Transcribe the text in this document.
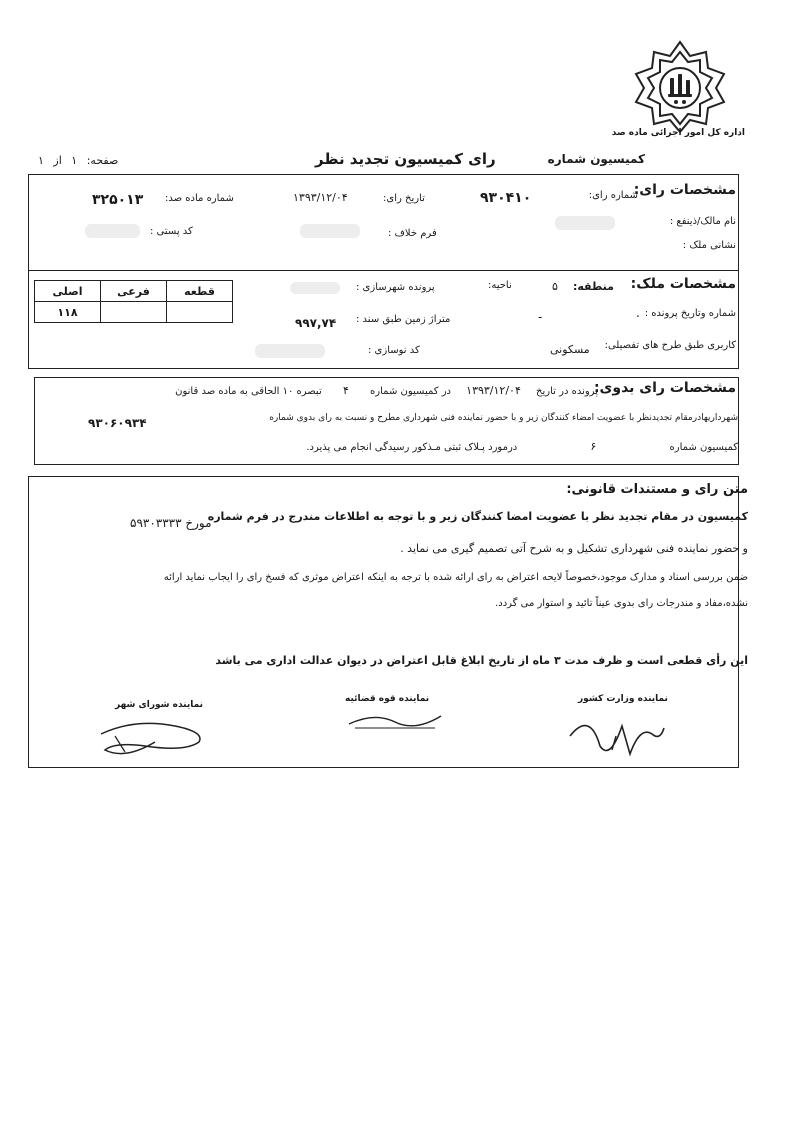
اداره کل امور اجرائی ماده صد
کمیسیون شماره
رای کمیسیون تجدید نظر
صفحه: ۱ از ۱
مشخصات رای:
شماره رای:
۹۳۰۴۱۰
تاریخ رای:
۱۳۹۳/۱۲/۰۴
شماره ماده صد:
۳۲۵۰۱۳
نام مالک/ذینفع :
فرم خلاف :
کد پستی :
نشانی ملک :
مشخصات ملک:
منطقه:
۵
ناحیه:
پرونده شهرسازی :
شماره وتاریخ پرونده :
.
-
متراژ زمین طبق سند :
۹۹۷,۷۴
کاربری طبق طرح های تفصیلی:
مسکونی
کد نوسازی :
قطعه	فرعی	اصلی
		۱۱۸
مشخصات رای بدوی:
پرونده در تاریخ ۱۳۹۳/۱۲/۰۴ در کمیسیون شماره ۴ تبصره ۱۰ الحاقی به ماده صد قانون
شهرداریهادرمقام تجدیدنظر با عضویت امضاء کنندگان زیر و با حضور نماینده فنی شهرداری مطرح و نسبت به رای بدوی شماره
۹۳۰۶۰۹۳۴
کمیسیون شماره ۶ درمورد پـلاک ثبتی مـذکور رسیدگی انجام می پذیرد.
متن رای و مستندات قانونی:
کمیسیون در مقام تجدید نظر با عضویت امضا کنندگان زیر و با توجه به اطلاعات مندرج در فرم شماره
۵۹۳۰۳۳۳۳ مورخ
و حضور نماینده فنی شهرداری تشکیل و به شرح آتی تصمیم گیری می نماید .
ضمن بررسی اسناد و مدارک موجود،خصوصاً لایحه اعتراض به رای ارائه شده با ترجه به اینکه اعتراض موثری که فسخ رای را ایجاب نماید ارائه
نشده،مفاد و مندرجات رای بدوی عیناً تائید و استوار می گردد.
این رأی قطعی است و ظرف مدت ۳ ماه از تاریخ ابلاغ قابل اعتراض در دیوان عدالت اداری می باشد
نماینده وزارت کشور
نماینده قوه قضائیه
نماینده شورای شهر
